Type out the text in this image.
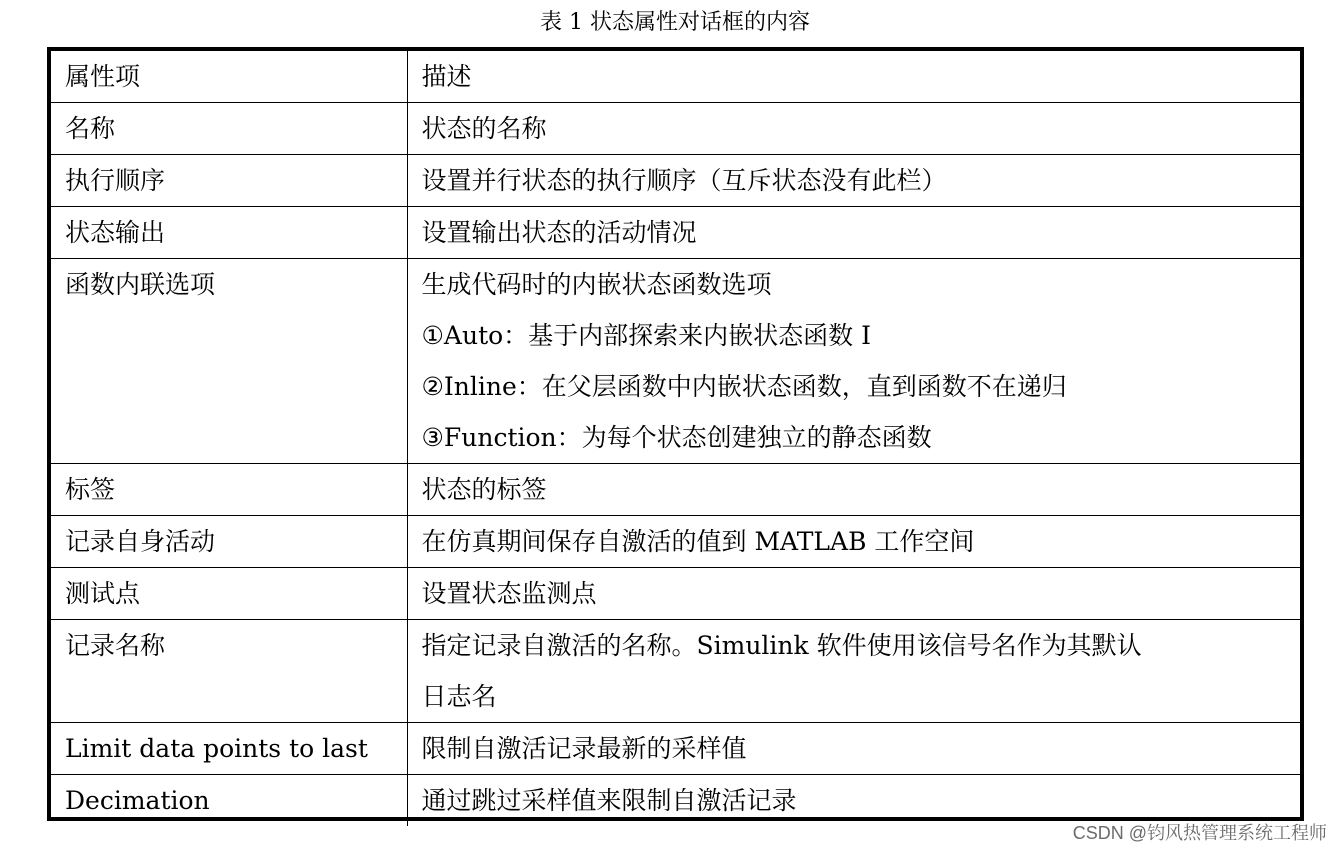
表 1 状态属性对话框的内容
属性项	描述
名称	状态的名称

执行顺序	设置并行状态的执行顺序（互斥状态没有此栏）

状态输出	设置输出状态的活动情况

函数内联选项	生成代码时的内嵌状态函数选项
①Auto：基于内部探索来内嵌状态函数 I
②Inline：在父层函数中内嵌状态函数，直到函数不在递归
③Function：为每个状态创建独立的静态函数

标签	状态的标签

记录自身活动	在仿真期间保存自激活的值到 MATLAB 工作空间

测试点	设置状态监测点

记录名称	指定记录自激活的名称。Simulink 软件使用该信号名作为其默认
日志名

Limit data points to last	限制自激活记录最新的采样值

Decimation	通过跳过采样值来限制自激活记录
CSDN @钧风热管理系统工程师
